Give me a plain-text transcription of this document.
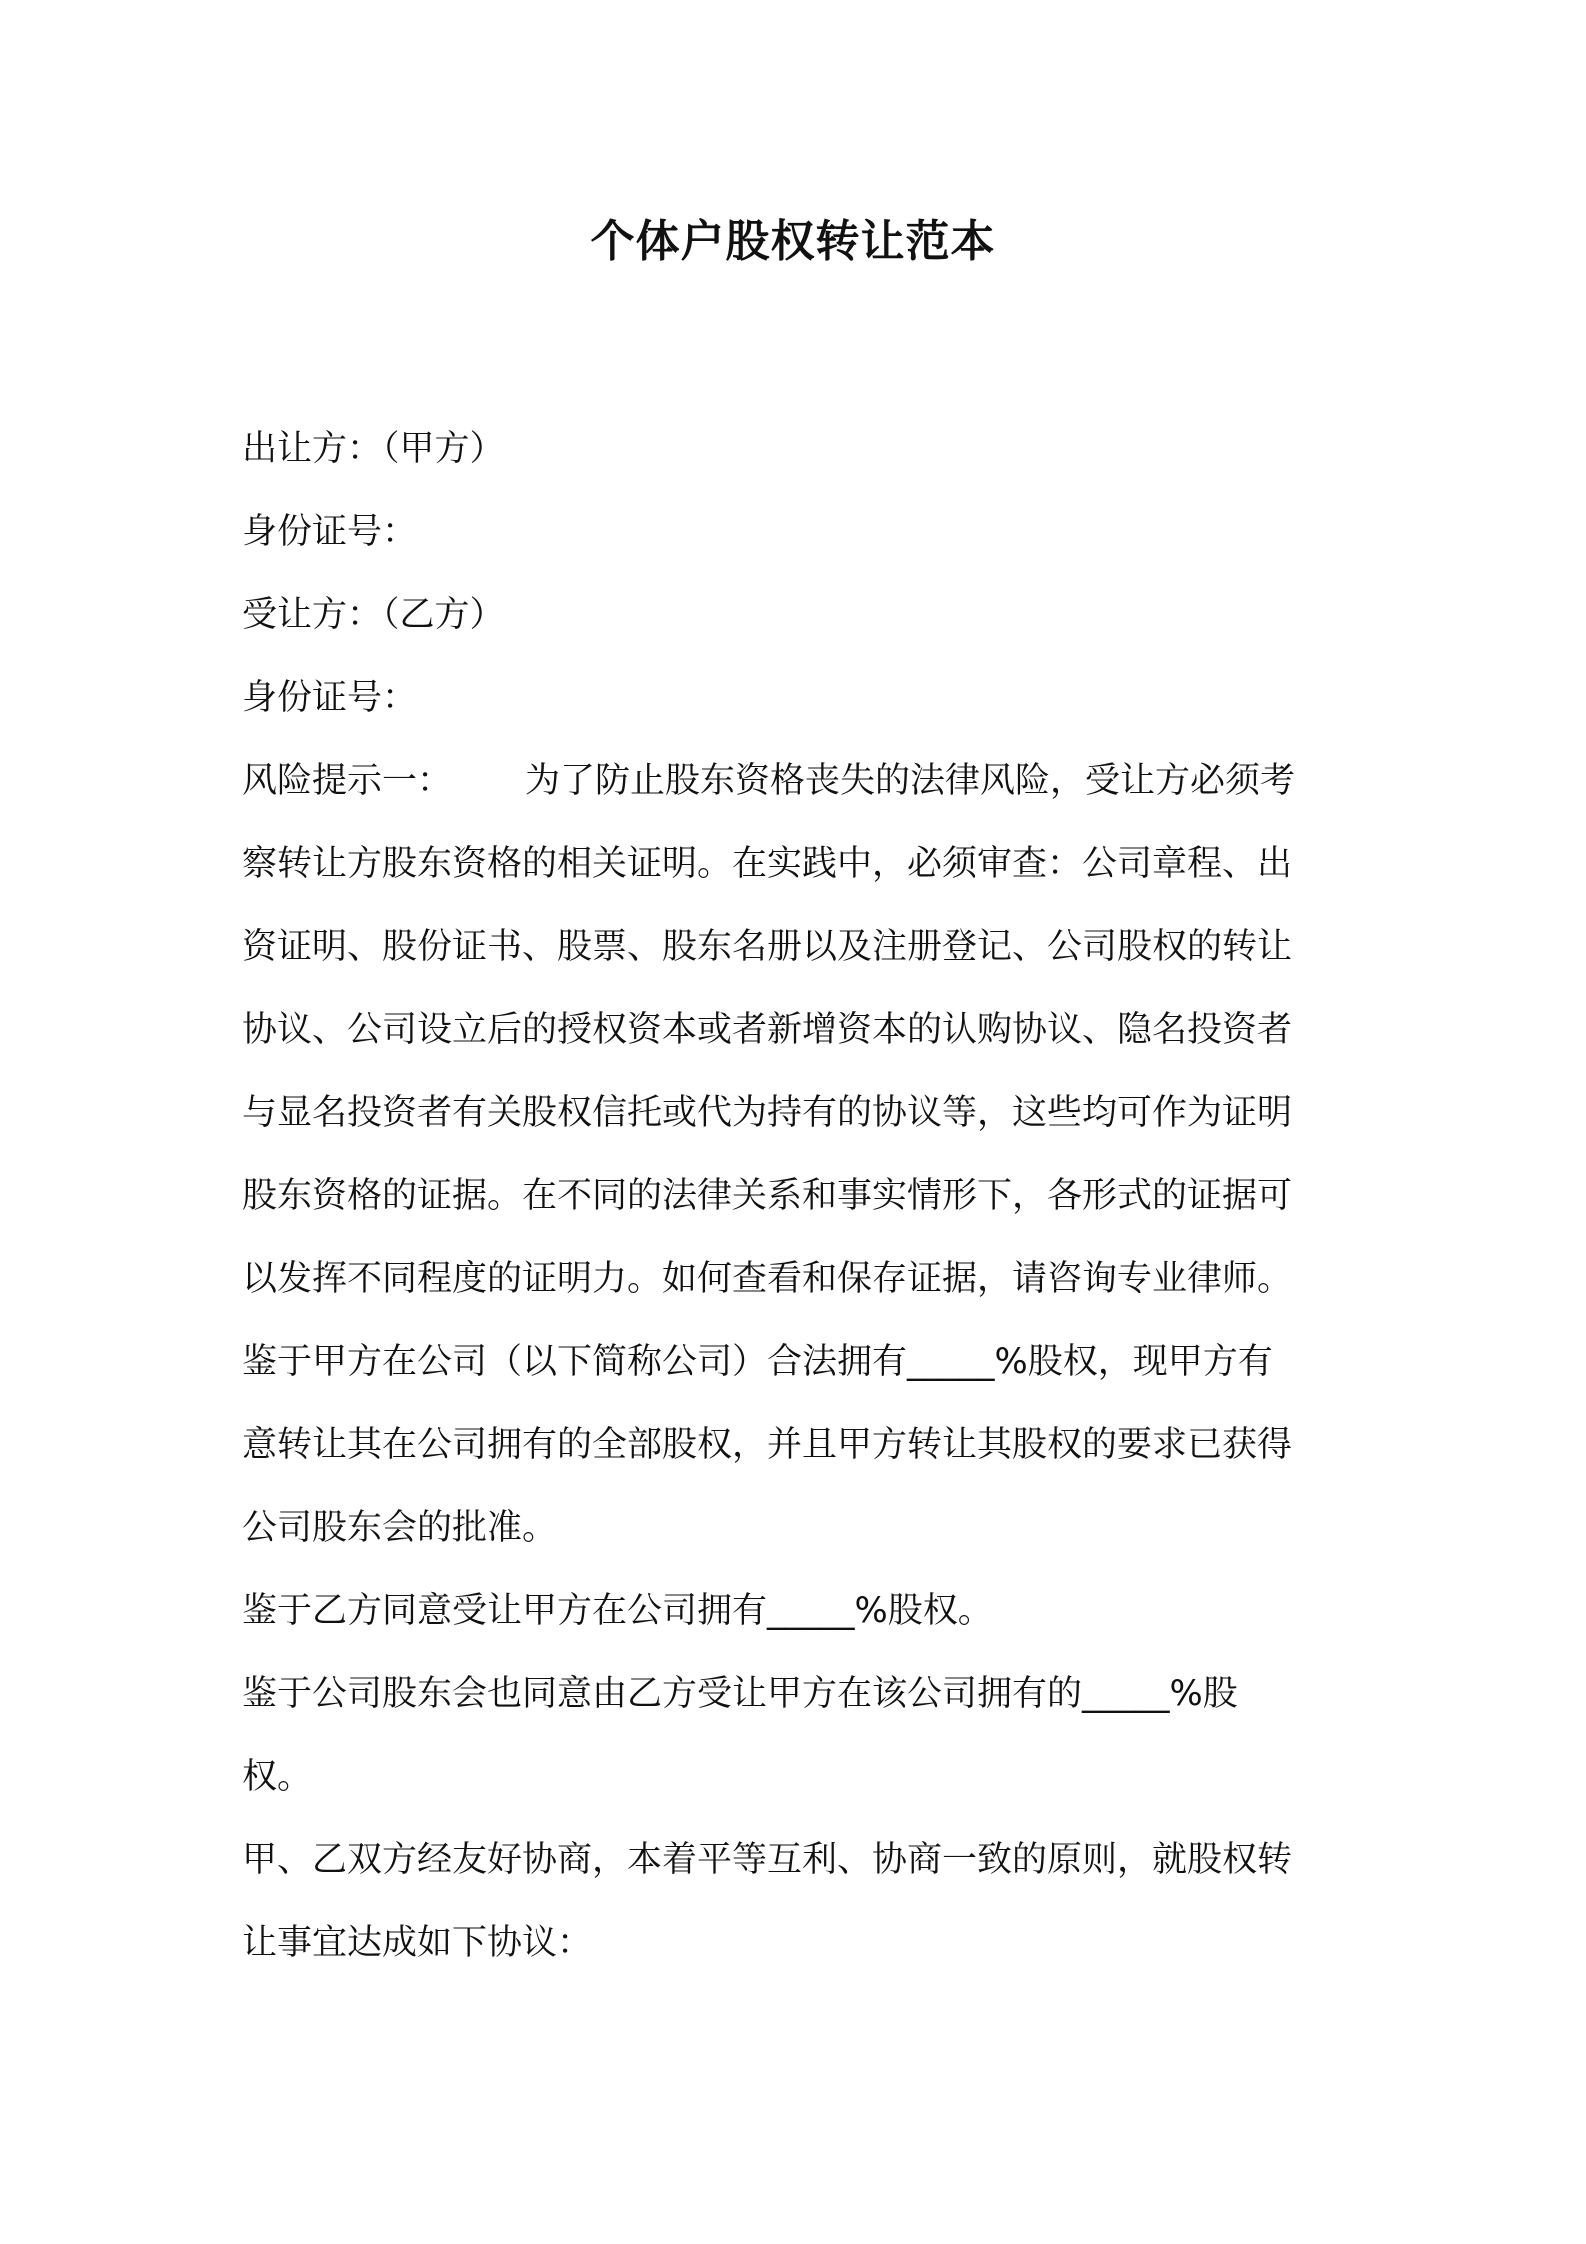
个体户股权转让范本
出让方：（甲方）
身份证号：
受让方：（乙方）
身份证号：
风险提示一： 为了防止股东资格丧失的法律风险，受让方必须考
察转让方股东资格的相关证明。在实践中，必须审查：公司章程、出
资证明、股份证书、股票、股东名册以及注册登记、公司股权的转让
协议、公司设立后的授权资本或者新增资本的认购协议、隐名投资者
与显名投资者有关股权信托或代为持有的协议等，这些均可作为证明
股东资格的证据。在不同的法律关系和事实情形下，各形式的证据可
以发挥不同程度的证明力。如何查看和保存证据，请咨询专业律师。
鉴于甲方在公司（以下简称公司）合法拥有_____%股权，现甲方有
意转让其在公司拥有的全部股权，并且甲方转让其股权的要求已获得
公司股东会的批准。
鉴于乙方同意受让甲方在公司拥有_____%股权。
鉴于公司股东会也同意由乙方受让甲方在该公司拥有的_____%股
权。
甲、乙双方经友好协商，本着平等互利、协商一致的原则，就股权转
让事宜达成如下协议：
